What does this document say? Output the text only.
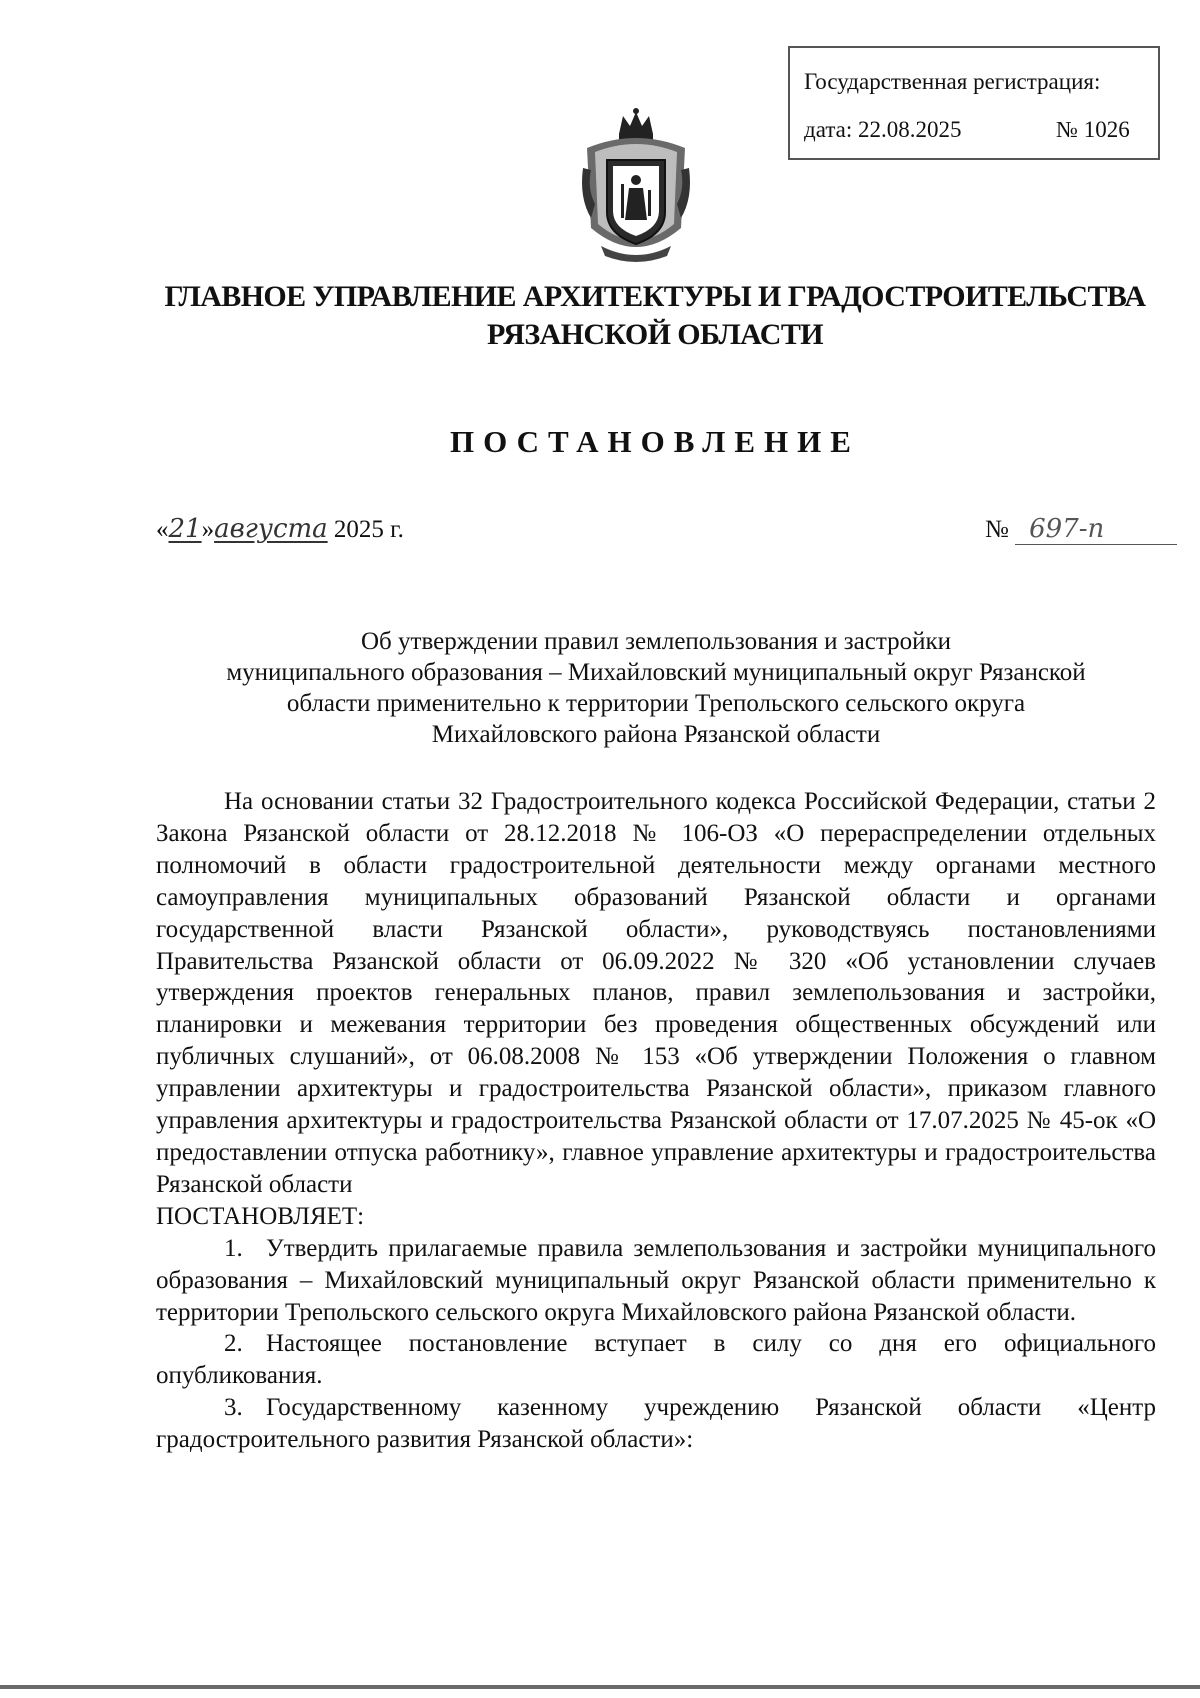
Государственная регистрация:
дата: 22.08.2025	№ 1026
ГЛАВНОЕ УПРАВЛЕНИЕ АРХИТЕКТУРЫ И ГРАДОСТРОИТЕЛЬСТВА
РЯЗАНСКОЙ ОБЛАСТИ
ПОСТАНОВЛЕНИЕ
«21»августа 2025 г.	№ 697-п
Об утверждении правил землепользования и застройки
муниципального образования – Михайловский муниципальный округ Рязанской
области применительно к территории Трепольского сельского округа
Михайловского района Рязанской области

На основании статьи 32 Градостроительного кодекса Российской Федерации, статьи 2 Закона Рязанской области от 28.12.2018 № 106-ОЗ «О перераспределении отдельных полномочий в области градостроительной деятельности между органами местного самоуправления муниципальных образований Рязанской области и органами государственной власти Рязанской области», руководствуясь постановлениями Правительства Рязанской области от 06.09.2022 № 320 «Об установлении случаев утверждения проектов генеральных планов, правил землепользования и застройки, планировки и межевания территории без проведения общественных обсуждений или публичных слушаний», от 06.08.2008 № 153 «Об утверждении Положения о главном управлении архитектуры и градостроительства Рязанской области», приказом главного управления архитектуры и градостроительства Рязанской области от 17.07.2025 № 45-ок «О предоставлении отпуска работнику», главное управление архитектуры и градостроительства Рязанской области

ПОСТАНОВЛЯЕТ:

1. Утвердить прилагаемые правила землепользования и застройки муниципального образования – Михайловский муниципальный округ Рязанской области применительно к территории Трепольского сельского округа Михайловского района Рязанской области.

2. Настоящее постановление вступает в силу со дня его официального опубликования.

3. Государственному казенному учреждению Рязанской области «Центр градостроительного развития Рязанской области»:
